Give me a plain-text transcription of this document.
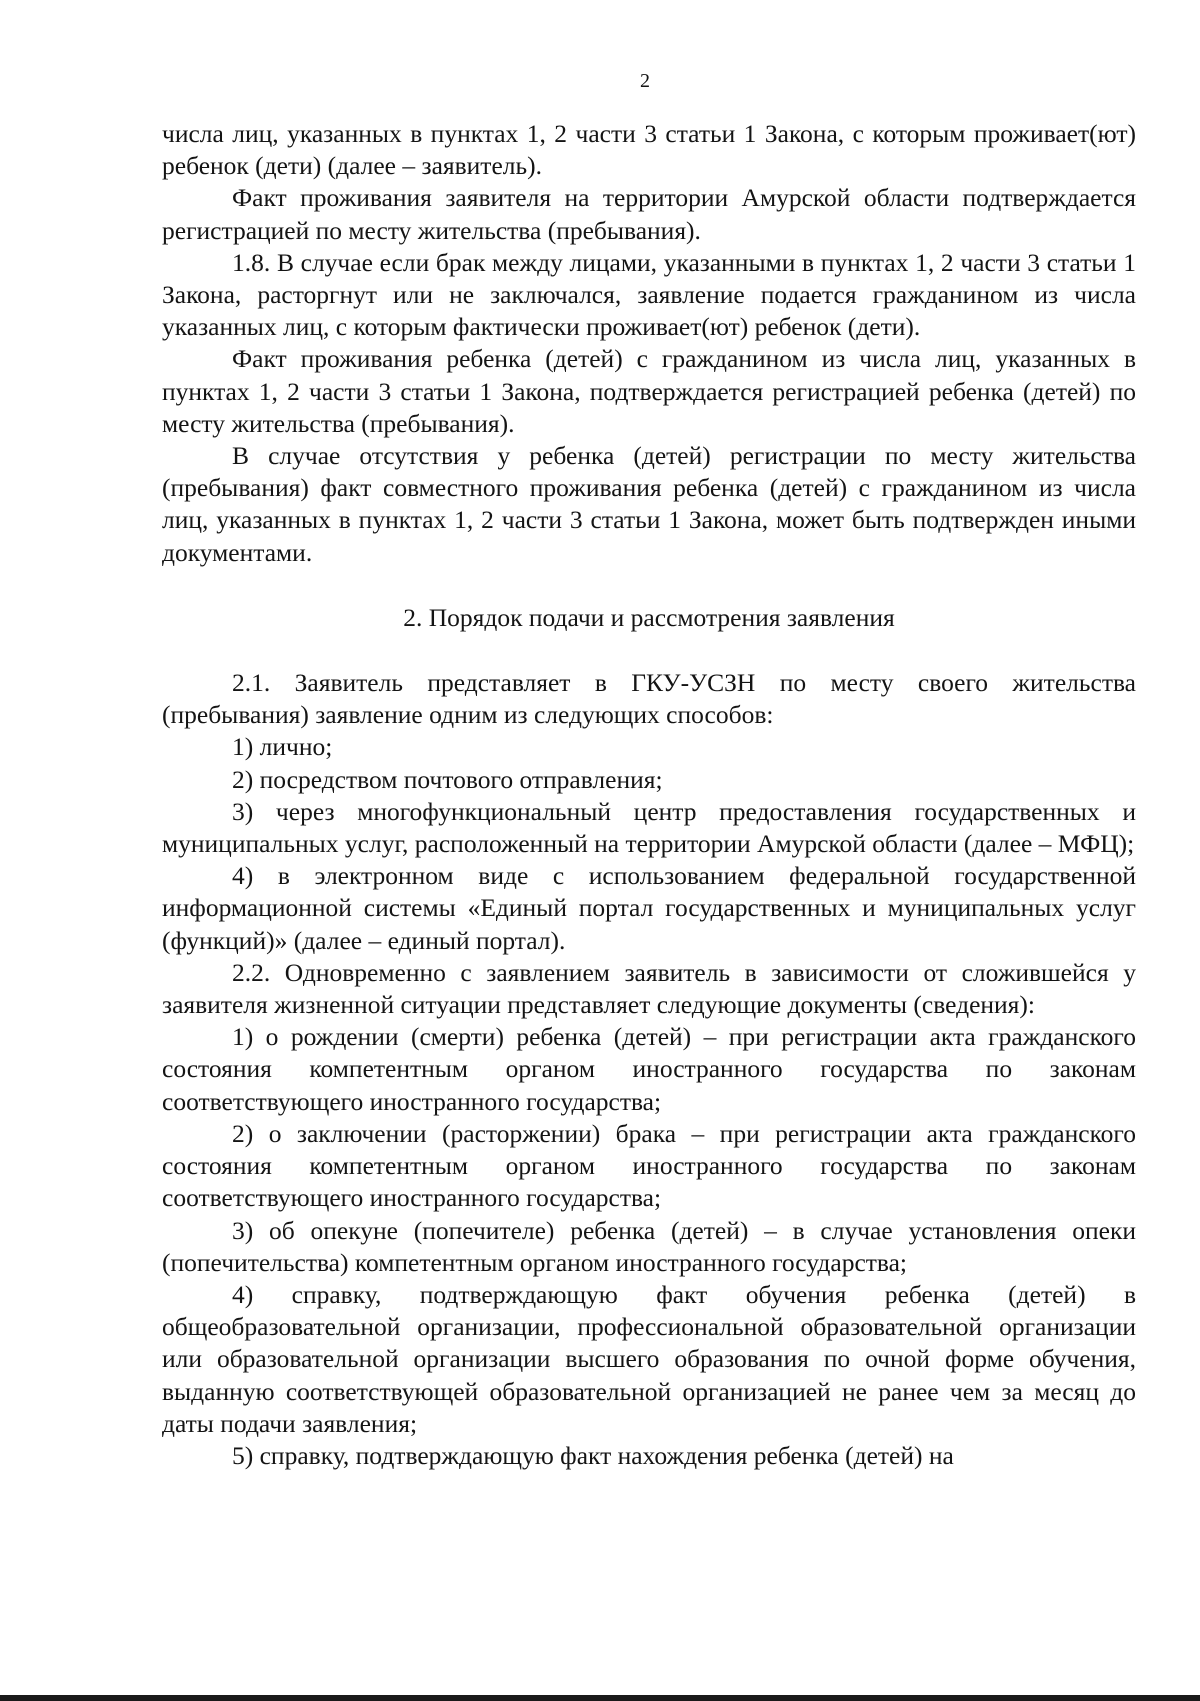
2

числа лиц, указанных в пунктах 1, 2 части 3 статьи 1 Закона, с которым проживает(ют) ребенок (дети) (далее – заявитель).

Факт проживания заявителя на территории Амурской области подтверждается регистрацией по месту жительства (пребывания).

1.8. В случае если брак между лицами, указанными в пунктах 1, 2 части 3 статьи 1 Закона, расторгнут или не заключался, заявление подается гражданином из числа указанных лиц, с которым фактически проживает(ют) ребенок (дети).

Факт проживания ребенка (детей) с гражданином из числа лиц, указанных в пунктах 1, 2 части 3 статьи 1 Закона, подтверждается регистрацией ребенка (детей) по месту жительства (пребывания).

В случае отсутствия у ребенка (детей) регистрации по месту жительства (пребывания) факт совместного проживания ребенка (детей) с гражданином из числа лиц, указанных в пунктах 1, 2 части 3 статьи 1 Закона, может быть подтвержден иными документами.

2. Порядок подачи и рассмотрения заявления

2.1. Заявитель представляет в ГКУ-УСЗН по месту своего жительства (пребывания) заявление одним из следующих способов:

1) лично;

2) посредством почтового отправления;

3) через многофункциональный центр предоставления государственных и муниципальных услуг, расположенный на территории Амурской области (далее – МФЦ);

4) в электронном виде с использованием федеральной государственной информационной системы «Единый портал государственных и муниципальных услуг (функций)» (далее – единый портал).

2.2. Одновременно с заявлением заявитель в зависимости от сложившейся у заявителя жизненной ситуации представляет следующие документы (сведения):

1) о рождении (смерти) ребенка (детей) – при регистрации акта гражданского состояния компетентным органом иностранного государства по законам соответствующего иностранного государства;

2) о заключении (расторжении) брака – при регистрации акта гражданского состояния компетентным органом иностранного государства по законам соответствующего иностранного государства;

3) об опекуне (попечителе) ребенка (детей) – в случае установления опеки (попечительства) компетентным органом иностранного государства;

4) справку, подтверждающую факт обучения ребенка (детей) в общеобразовательной организации, профессиональной образовательной организации или образовательной организации высшего образования по очной форме обучения, выданную соответствующей образовательной организацией не ранее чем за месяц до даты подачи заявления;

5) справку, подтверждающую факт нахождения ребенка (детей) на
